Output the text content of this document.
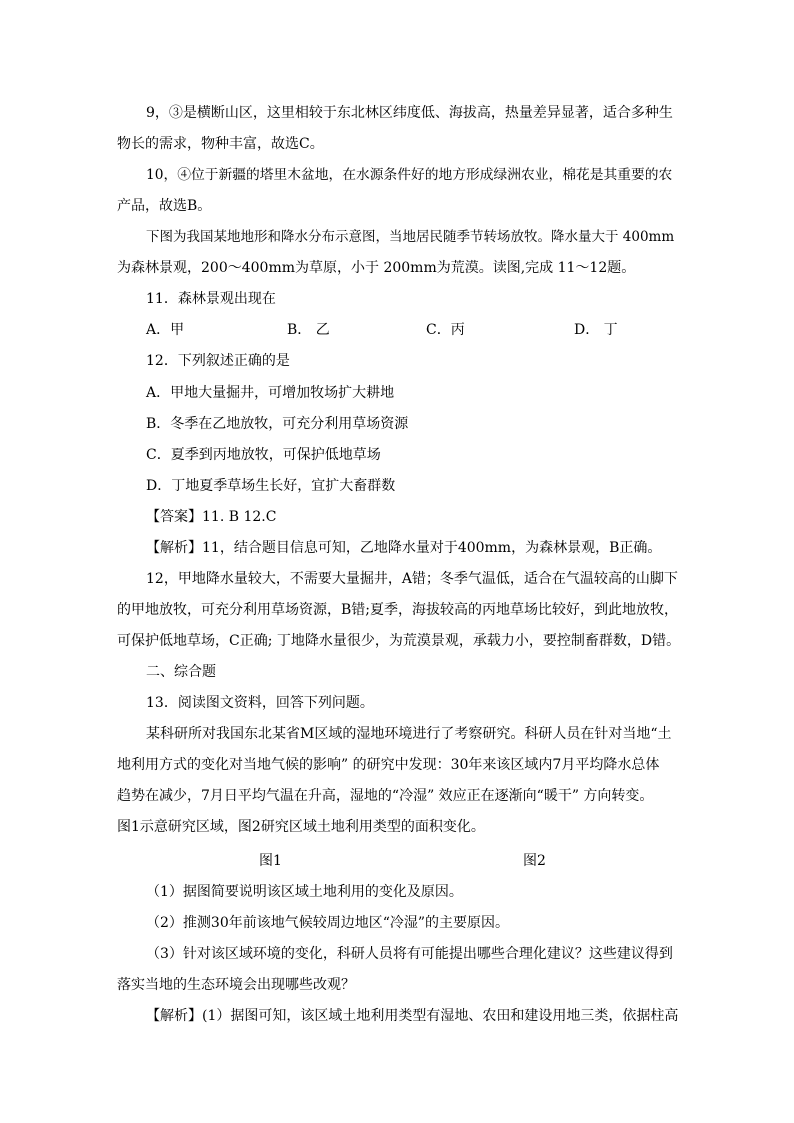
9，③是横断山区，这里相较于东北林区纬度低、海拔高，热量差异显著，适合多种生
物长的需求，物种丰富，故选C。
10，④位于新疆的塔里木盆地，在水源条件好的地方形成绿洲农业，棉花是其重要的农
产品，故选B。
下图为我国某地地形和降水分布示意图，当地居民随季节转场放牧。降水量大于 400mm
为森林景观，200～400mm为草原，小于 200mm为荒漠。读图,完成 11～12题。
11．森林景观出现在
A．甲	B． 乙	C．丙	D． 丁
12．下列叙述正确的是
A．甲地大量掘井，可增加牧场扩大耕地
B．冬季在乙地放牧，可充分利用草场资源
C．夏季到丙地放牧，可保护低地草场
D．丁地夏季草场生长好，宜扩大畜群数
【答案】11. B 12.C
【解析】11，结合题目信息可知，乙地降水量对于400mm，为森林景观，B正确。
12，甲地降水量较大，不需要大量掘井，A错；冬季气温低，适合在气温较高的山脚下
的甲地放牧，可充分利用草场资源，B错;夏季，海拔较高的丙地草场比较好，到此地放牧，
可保护低地草场，C正确; 丁地降水量很少，为荒漠景观，承载力小，要控制畜群数，D错。
二、综合题
13．阅读图文资料，回答下列问题。
某科研所对我国东北某省M区域的湿地环境进行了考察研究。科研人员在针对当地“土
地利用方式的变化对当地气候的影响” 的研究中发现：30年来该区域内7月平均降水总体
趋势在减少，7月日平均气温在升高，湿地的“冷湿” 效应正在逐渐向“暖干” 方向转变。
图1示意研究区域，图2研究区域土地利用类型的面积变化。
图1	图2
（1）据图简要说明该区域土地利用的变化及原因。
（2）推测30年前该地气候较周边地区“冷湿”的主要原因。
（3）针对该区域环境的变化，科研人员将有可能提出哪些合理化建议？这些建议得到
落实当地的生态环境会出现哪些改观？
【解析】(1）据图可知，该区域土地利用类型有湿地、农田和建设用地三类，依据柱高
